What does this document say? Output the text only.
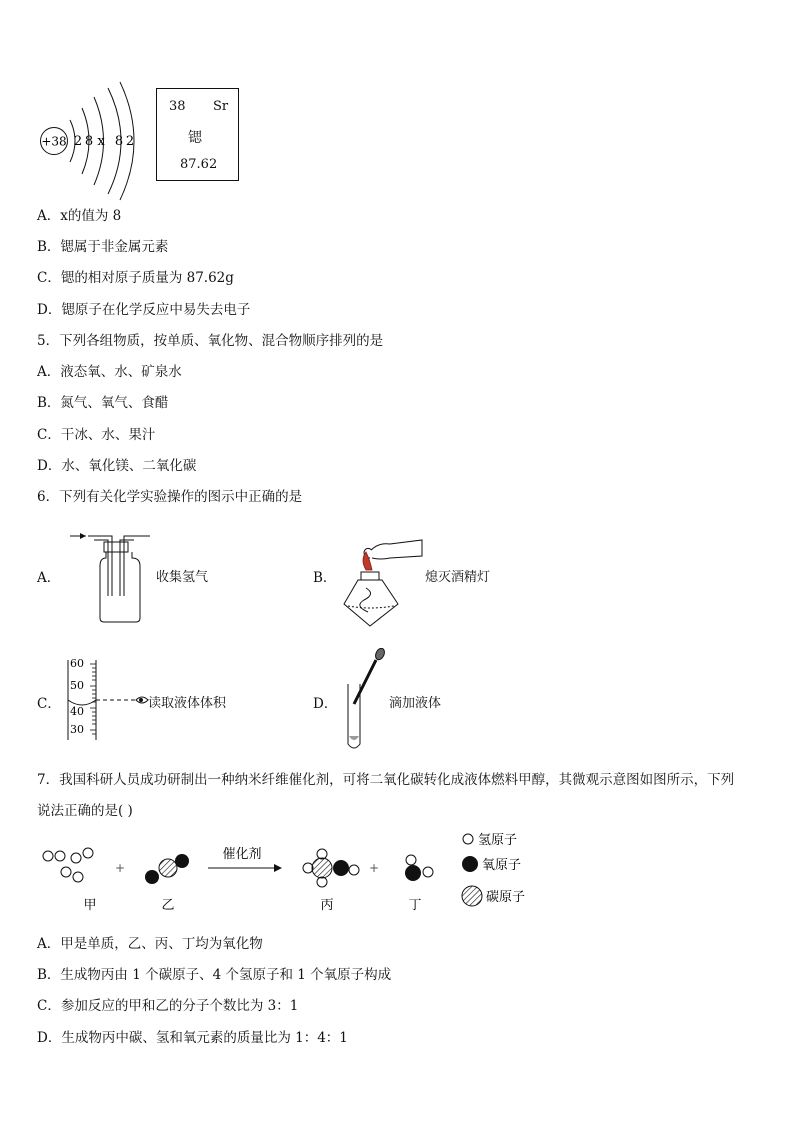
+38 2 8 x 8 2
38 Sr
锶
87.62
A．x的值为 8
B．锶属于非金属元素
C．锶的相对原子质量为 87.62g
D．锶原子在化学反应中易失去电子
5．下列各组物质，按单质、氧化物、混合物顺序排列的是
A．液态氧、水、矿泉水
B．氮气、氧气、食醋
C．干冰、水、果汁
D．水、氧化镁、二氧化碳
6．下列有关化学实验操作的图示中正确的是
A．	收集氢气	B．	熄灭酒精灯
C．
60
50
40
30
读取液体体积	D．	滴加液体
7．我国科研人员成功研制出一种纳米纤维催化剂，可将二氧化碳转化成液体燃料甲醇，其微观示意图如图所示，下列
说法正确的是( )
+
催化剂
+
甲	乙	丙	丁
氢原子
氧原子
碳原子
A．甲是单质，乙、丙、丁均为氧化物
B．生成物丙由 1 个碳原子、4 个氢原子和 1 个氧原子构成
C．参加反应的甲和乙的分子个数比为 3：1
D．生成物丙中碳、氢和氧元素的质量比为 1：4：1
